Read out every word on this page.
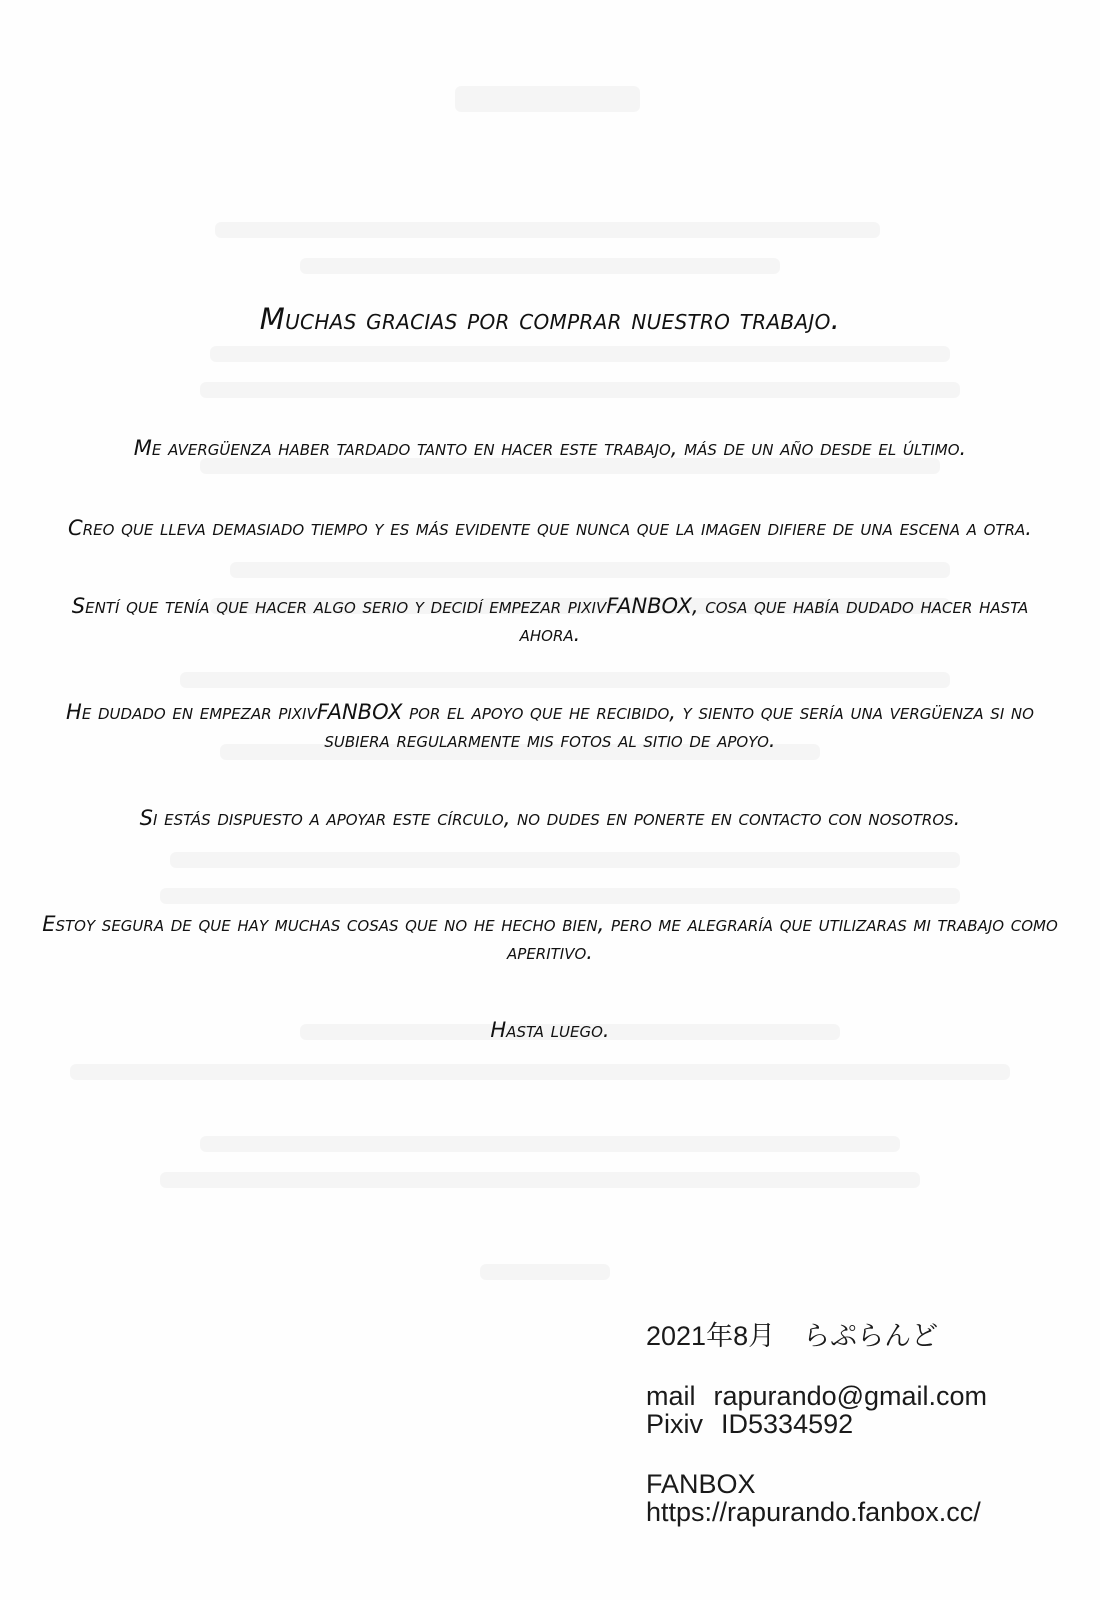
Muchas gracias por comprar nuestro trabajo.
Me avergüenza haber tardado tanto en hacer este trabajo, más de un año desde el último.
Creo que lleva demasiado tiempo y es más evidente que nunca que la imagen difiere de una escena a otra.
Sentí que tenía que hacer algo serio y decidí empezar pixivFANBOX, cosa que había dudado hacer hasta ahora.
He dudado en empezar pixivFANBOX por el apoyo que he recibido, y siento que sería una vergüenza si no subiera regularmente mis fotos al sitio de apoyo.
Si estás dispuesto a apoyar este círculo, no dudes en ponerte en contacto con nosotros.
Estoy segura de que hay muchas cosas que no he hecho bien, pero me alegraría que utilizaras mi trabajo como aperitivo.
Hasta luego.
2021年8月 らぷらんど
mail rapurando@gmail.com
Pixiv ID5334592
FANBOX
https://rapurando.fanbox.cc/
